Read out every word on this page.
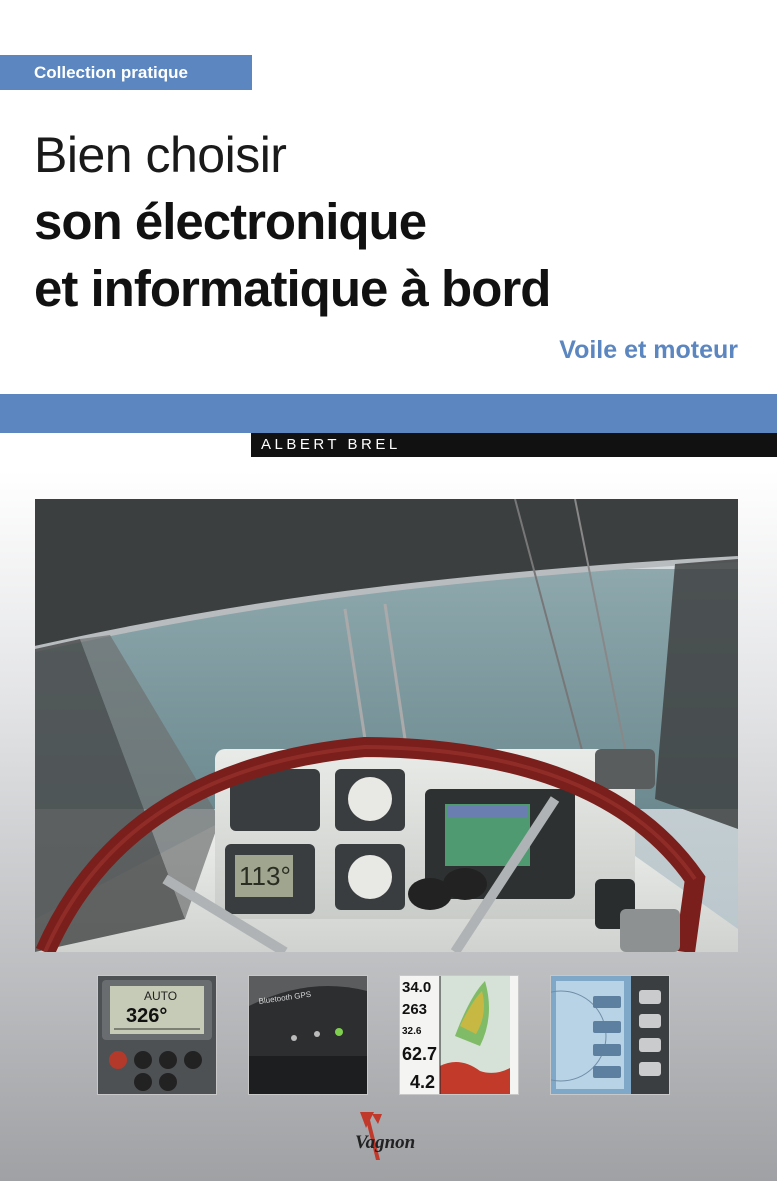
Collection pratique
Bien choisir
son électronique
et informatique à bord
Voile et moteur
ALBERT BREL
113°
AUTO
326°
Bluetooth GPS
34.0
263
32.6
62.7
4.2
Vagnon
